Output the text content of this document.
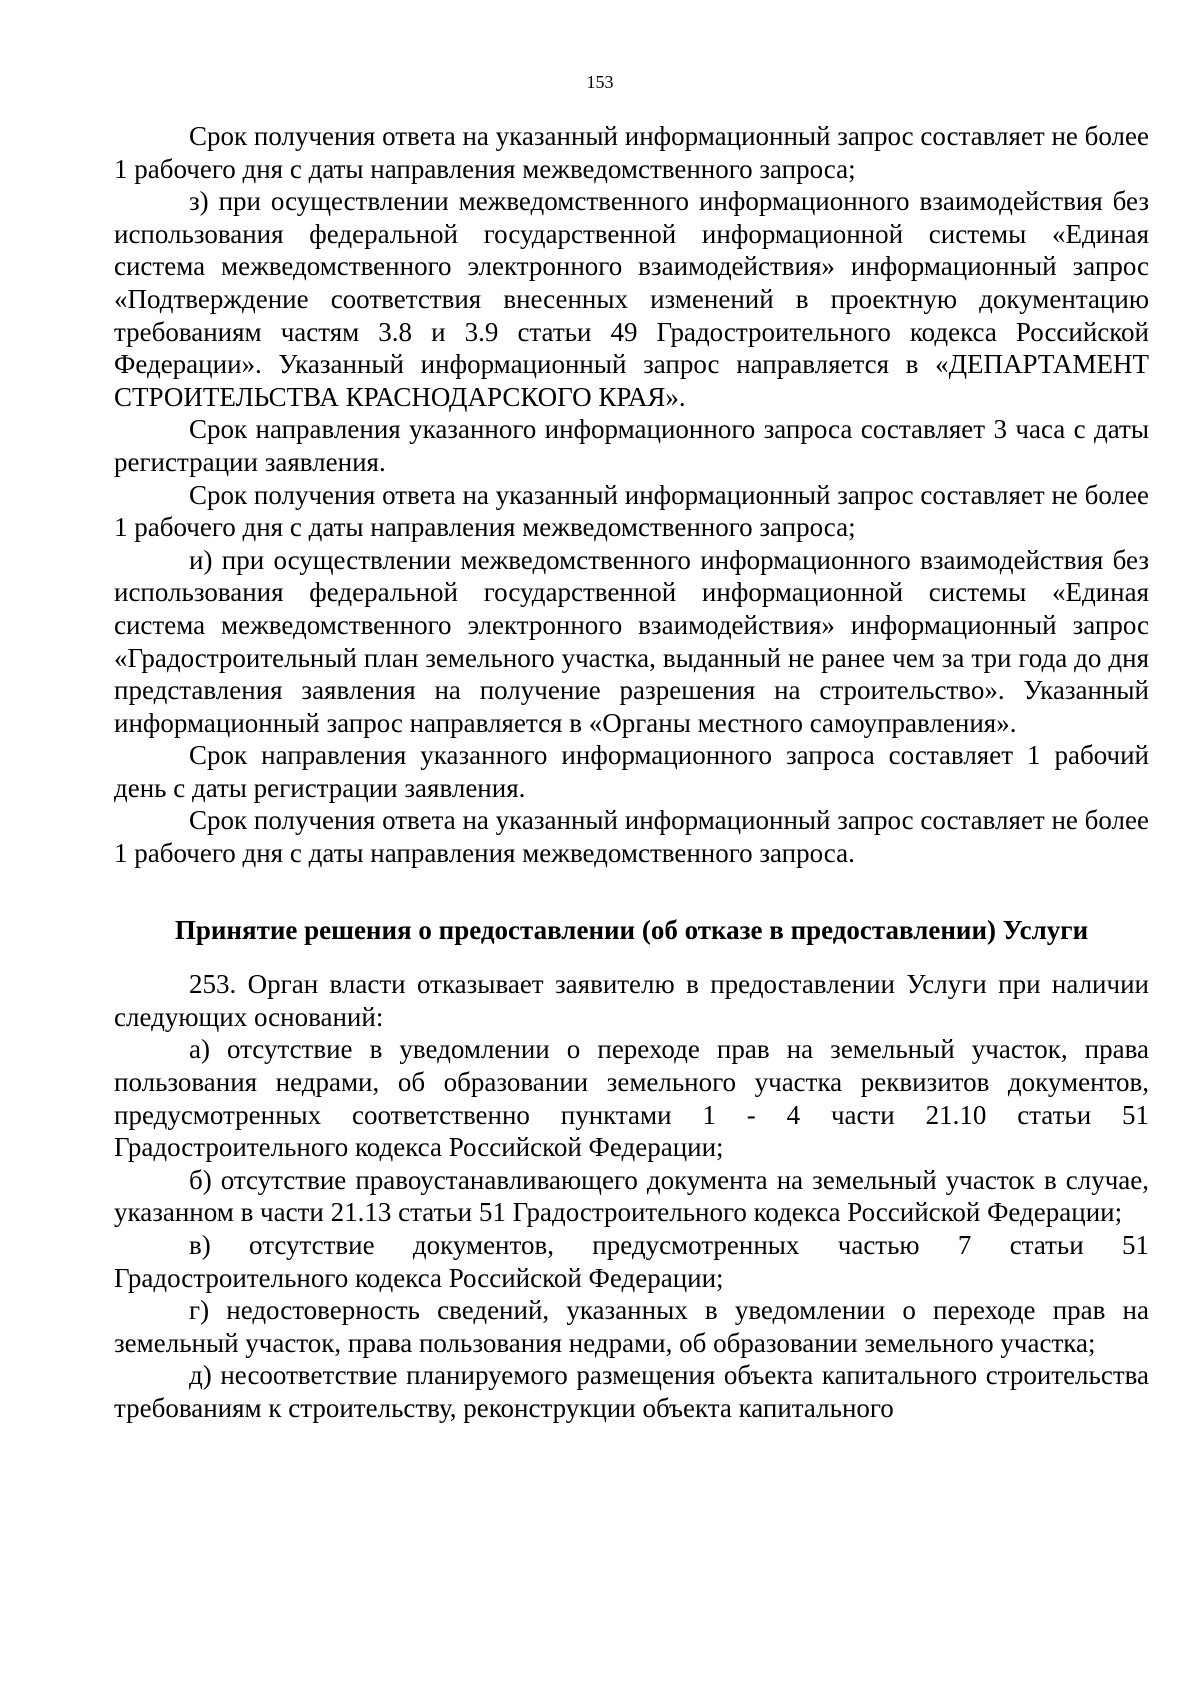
153

Срок получения ответа на указанный информационный запрос составляет не более 1 рабочего дня с даты направления межведомственного запроса;

з) при осуществлении межведомственного информационного взаимодействия без использования федеральной государственной информационной системы «Единая система межведомственного электронного взаимодействия» информационный запрос «Подтверждение соответствия внесенных изменений в проектную документацию требованиям частям 3.8 и 3.9 статьи 49 Градостроительного кодекса Российской Федерации». Указанный информационный запрос направляется в «ДЕПАРТАМЕНТ СТРОИТЕЛЬСТВА КРАСНОДАРСКОГО КРАЯ».

Срок направления указанного информационного запроса составляет 3 часа с даты регистрации заявления.

Срок получения ответа на указанный информационный запрос составляет не более 1 рабочего дня с даты направления межведомственного запроса;

и) при осуществлении межведомственного информационного взаимодействия без использования федеральной государственной информационной системы «Единая система межведомственного электронного взаимодействия» информационный запрос «Градостроительный план земельного участка, выданный не ранее чем за три года до дня представления заявления на получение разрешения на строительство». Указанный информационный запрос направляется в «Органы местного самоуправления».

Срок направления указанного информационного запроса составляет 1 рабочий день с даты регистрации заявления.

Срок получения ответа на указанный информационный запрос составляет не более 1 рабочего дня с даты направления межведомственного запроса.

Принятие решения о предоставлении (об отказе в предоставлении) Услуги

253. Орган власти отказывает заявителю в предоставлении Услуги при наличии следующих оснований:

а) отсутствие в уведомлении о переходе прав на земельный участок, права пользования недрами, об образовании земельного участка реквизитов документов, предусмотренных соответственно пунктами 1 - 4 части 21.10 статьи 51 Градостроительного кодекса Российской Федерации;

б) отсутствие правоустанавливающего документа на земельный участок в случае, указанном в части 21.13 статьи 51 Градостроительного кодекса Российской Федерации;

в) отсутствие документов, предусмотренных частью 7 статьи 51 Градостроительного кодекса Российской Федерации;

г) недостоверность сведений, указанных в уведомлении о переходе прав на земельный участок, права пользования недрами, об образовании земельного участка;

д) несоответствие планируемого размещения объекта капитального строительства требованиям к строительству, реконструкции объекта капитального
